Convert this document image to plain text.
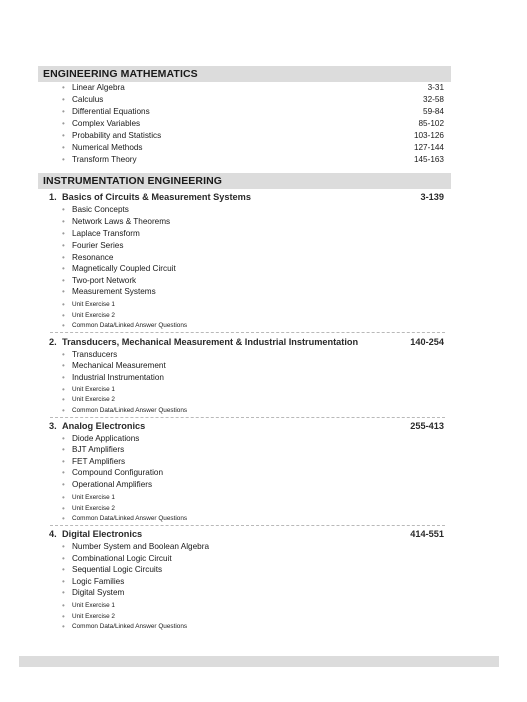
ENGINEERING MATHEMATICS
• Linear Algebra	3-31
• Calculus	32-58
• Differential Equations	59-84
• Complex Variables	85-102
• Probability and Statistics	103-126
• Numerical Methods	127-144
• Transform Theory	145-163
INSTRUMENTATION ENGINEERING
1. Basics of Circuits & Measurement Systems	3-139
• Basic Concepts
• Network Laws & Theorems
• Laplace Transform
• Fourier Series
• Resonance
• Magnetically Coupled Circuit
• Two-port Network
• Measurement Systems
• Unit Exercise 1
• Unit Exercise 2
• Common Data/Linked Answer Questions
2. Transducers, Mechanical Measurement & Industrial Instrumentation	140-254
• Transducers
• Mechanical Measurement
• Industrial Instrumentation
• Unit Exercise 1
• Unit Exercise 2
• Common Data/Linked Answer Questions
3. Analog Electronics	255-413
• Diode Applications
• BJT Amplifiers
• FET Amplifiers
• Compound Configuration
• Operational Amplifiers
• Unit Exercise 1
• Unit Exercise 2
• Common Data/Linked Answer Questions
4. Digital Electronics	414-551
• Number System and Boolean Algebra
• Combinational Logic Circuit
• Sequential Logic Circuits
• Logic Families
• Digital System
• Unit Exercise 1
• Unit Exercise 2
• Common Data/Linked Answer Questions
